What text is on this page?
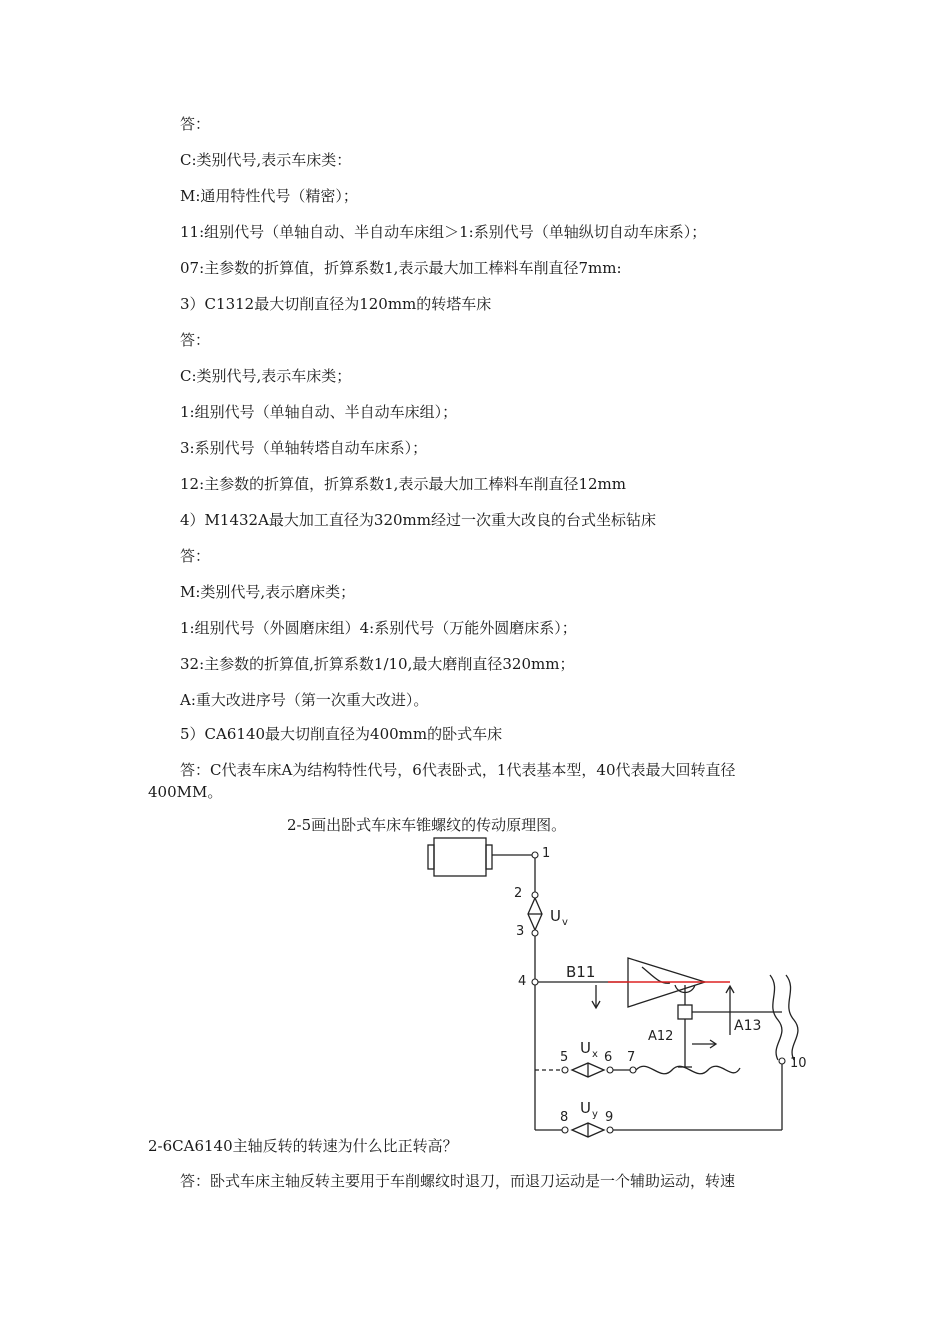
答：
C:类别代号,表示车床类：
M:通用特性代号（精密）；
11:组别代号（单轴自动、半自动车床组＞1:系别代号（单轴纵切自动车床系）；
07:主参数的折算值，折算系数1,表示最大加工棒料车削直径7mm:
3）C1312最大切削直径为120mm的转塔车床
答：
C:类别代号,表示车床类；
1:组别代号（单轴自动、半自动车床组）；
3:系别代号（单轴转塔自动车床系）；
12:主参数的折算值，折算系数1,表示最大加工棒料车削直径12mm
4）M1432A最大加工直径为320mm经过一次重大改良的台式坐标钻床
答：
M:类别代号,表示磨床类；
1:组别代号（外圆磨床组）4:系别代号（万能外圆磨床系）；
32:主参数的折算值,折算系数1/10,最大磨削直径320mm；
A:重大改进序号（第一次重大改进）。
5）CA6140最大切削直径为400mm的卧式车床
答：C代表车床A为结构特性代号，6代表卧式，1代表基本型，40代表最大回转直径400MM。
2-5画出卧式车床车锥螺纹的传动原理图。
1
2
3
4
5	6 7
8	9
10
U v
U x
U y
B11
A12
A13
2-6CA6140主轴反转的转速为什么比正转高？
答：卧式车床主轴反转主要用于车削螺纹时退刀，而退刀运动是一个辅助运动，转速
